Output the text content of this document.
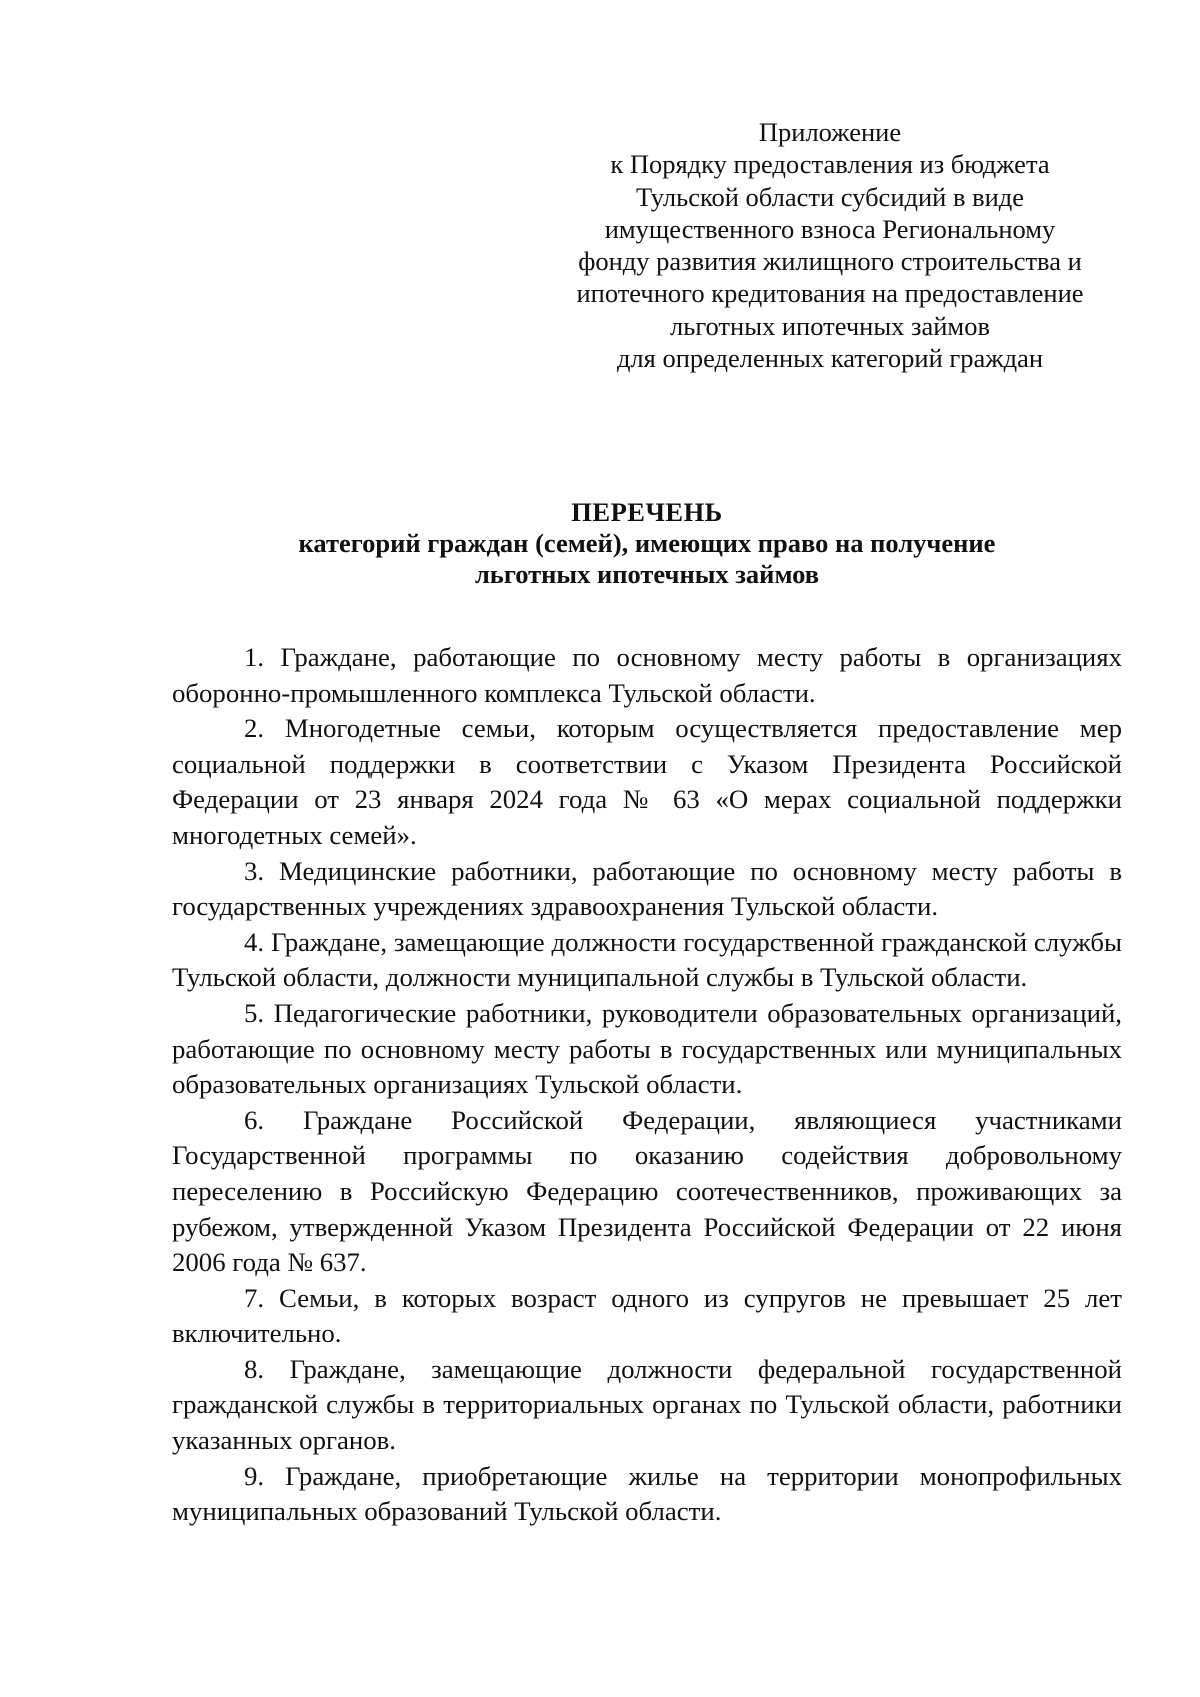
Приложение
к Порядку предоставления из бюджета
Тульской области субсидий в виде
имущественного взноса Региональному
фонду развития жилищного строительства и
ипотечного кредитования на предоставление
льготных ипотечных займов
для определенных категорий граждан
ПЕРЕЧЕНЬ
категорий граждан (семей), имеющих право на получение
льготных ипотечных займов

1. Граждане, работающие по основному месту работы в организациях оборонно-промышленного комплекса Тульской области.

2. Многодетные семьи, которым осуществляется предоставление мер социальной поддержки в соответствии с Указом Президента Российской Федерации от 23 января 2024 года № 63 «О мерах социальной поддержки многодетных семей».

3. Медицинские работники, работающие по основному месту работы в государственных учреждениях здравоохранения Тульской области.

4. Граждане, замещающие должности государственной гражданской службы Тульской области, должности муниципальной службы в Тульской области.

5. Педагогические работники, руководители образовательных организаций, работающие по основному месту работы в государственных или муниципальных образовательных организациях Тульской области.

6. Граждане Российской Федерации, являющиеся участниками Государственной программы по оказанию содействия добровольному переселению в Российскую Федерацию соотечественников, проживающих за рубежом, утвержденной Указом Президента Российской Федерации от 22 июня 2006 года № 637.

7. Семьи, в которых возраст одного из супругов не превышает 25 лет включительно.

8. Граждане, замещающие должности федеральной государственной гражданской службы в территориальных органах по Тульской области, работники указанных органов.

9. Граждане, приобретающие жилье на территории монопрофильных муниципальных образований Тульской области.
